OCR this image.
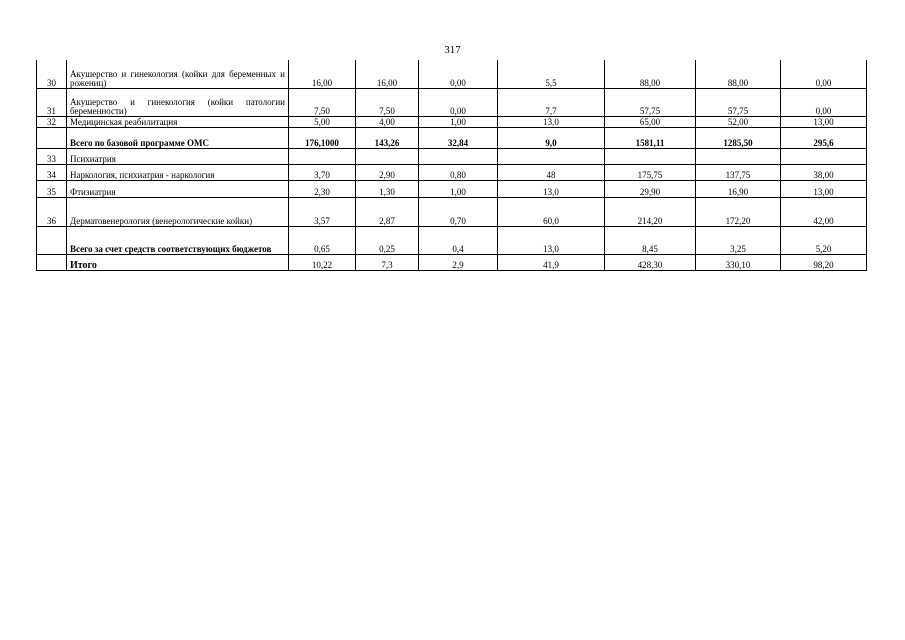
317
30	Акушерство и гинекология (койки для беременных и рожениц)	16,00	16,00	0,00	5,5	88,00	88,00	0,00
31	Акушерство и гинекология (койки патологии беременности)	7,50	7,50	0,00	7,7	57,75	57,75	0,00
32	Медицинская реабилитация	5,00	4,00	1,00	13,0	65,00	52,00	13,00
	Всего по базовой программе ОМС	176,1000	143,26	32,84	9,0	1581,11	1285,50	295,6
33	Психиатрия							
34	Наркология, психиатрия - наркология	3,70	2,90	0,80	48	175,75	137,75	38,00
35	Фтизиатрия	2,30	1,30	1,00	13,0	29,90	16,90	13,00
36	Дерматовенерология (венерологические койки)	3,57	2,87	0,70	60,0	214,20	172,20	42,00
	Всего за счет средств соответствующих бюджетов	0,65	0,25	0,4	13,0	8,45	3,25	5,20
	Итого	10,22	7,3	2,9	41,9	428,30	330,10	98,20
